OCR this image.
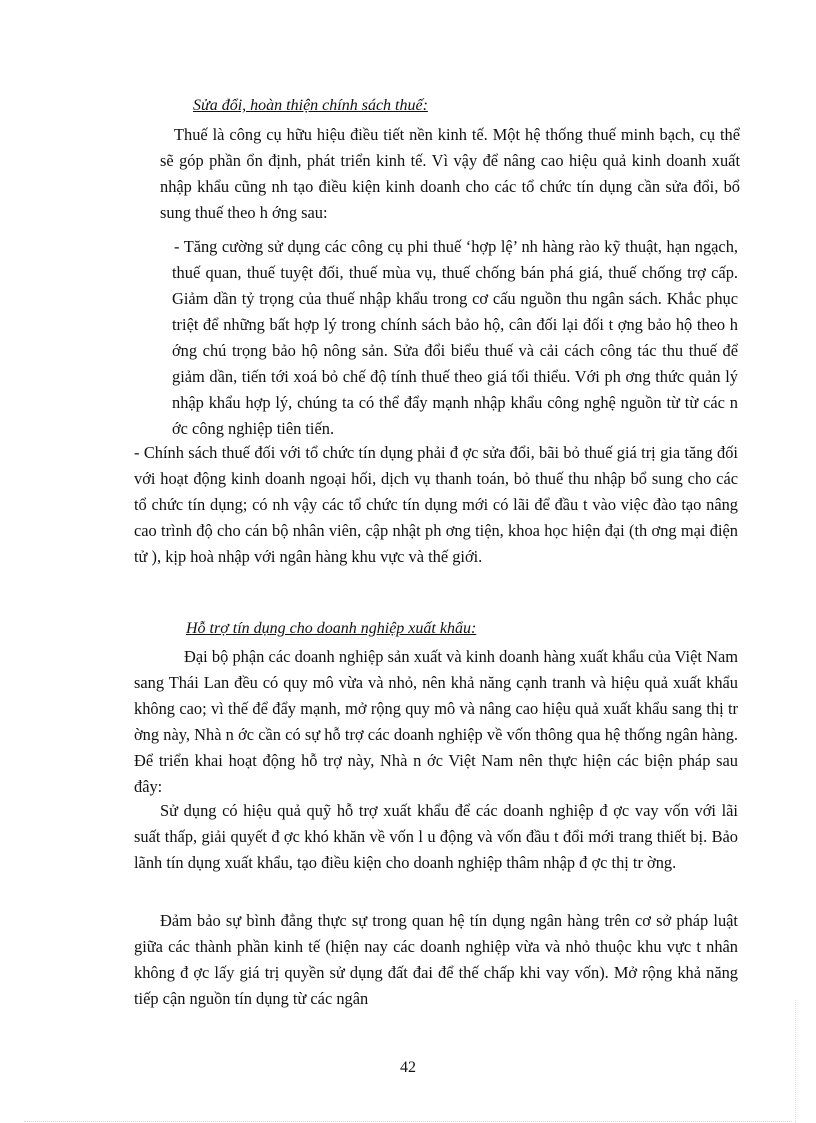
Sửa đổi, hoàn thiện chính sách thuế:

Thuế là công cụ hữu hiệu điều tiết nền kinh tế. Một hệ thống thuế minh bạch, cụ thể sẽ góp phần ổn định, phát triển kinh tế. Vì vậy để nâng cao hiệu quả kinh doanh xuất nhập khẩu cũng nh tạo điều kiện kinh doanh cho các tổ chức tín dụng cần sửa đổi, bổ sung thuế theo h ớng sau:

- Tăng cường sử dụng các công cụ phi thuế ‘hợp lệ’ nh hàng rào kỹ thuật, hạn ngạch, thuế quan, thuế tuyệt đối, thuế mùa vụ, thuế chống bán phá giá, thuế chống trợ cấp. Giảm dần tỷ trọng của thuế nhập khẩu trong cơ cấu nguồn thu ngân sách. Khắc phục triệt để những bất hợp lý trong chính sách bảo hộ, cân đối lại đối t ợng bảo hộ theo h ớng chú trọng bảo hộ nông sản. Sửa đổi biểu thuế và cải cách công tác thu thuế để giảm dần, tiến tới xoá bỏ chế độ tính thuế theo giá tối thiểu. Với ph ơng thức quản lý nhập khẩu hợp lý, chúng ta có thể đẩy mạnh nhập khẩu công nghệ nguồn từ từ các n ớc công nghiệp tiên tiến.

- Chính sách thuế đối với tổ chức tín dụng phải đ ợc sửa đổi, bãi bỏ thuế giá trị gia tăng đối với hoạt động kinh doanh ngoại hối, dịch vụ thanh toán, bỏ thuế thu nhập bổ sung cho các tổ chức tín dụng; có nh vậy các tổ chức tín dụng mới có lãi để đầu t vào việc đào tạo nâng cao trình độ cho cán bộ nhân viên, cập nhật ph ơng tiện, khoa học hiện đại (th ơng mại điện tử ), kịp hoà nhập với ngân hàng khu vực và thế giới.

Hỗ trợ tín dụng cho doanh nghiệp xuất khẩu:

Đại bộ phận các doanh nghiệp sản xuất và kinh doanh hàng xuất khẩu của Việt Nam sang Thái Lan đều có quy mô vừa và nhỏ, nên khả năng cạnh tranh và hiệu quả xuất khẩu không cao; vì thế để đẩy mạnh, mở rộng quy mô và nâng cao hiệu quả xuất khẩu sang thị tr ờng này, Nhà n ớc cần có sự hỗ trợ các doanh nghiệp về vốn thông qua hệ thống ngân hàng. Để triển khai hoạt động hỗ trợ này, Nhà n ớc Việt Nam nên thực hiện các biện pháp sau đây:

Sử dụng có hiệu quả quỹ hỗ trợ xuất khẩu để các doanh nghiệp đ ợc vay vốn với lãi suất thấp, giải quyết đ ợc khó khăn về vốn l u động và vốn đầu t đổi mới trang thiết bị. Bảo lãnh tín dụng xuất khẩu, tạo điều kiện cho doanh nghiệp thâm nhập đ ợc thị tr ờng.

Đảm bảo sự bình đẳng thực sự trong quan hệ tín dụng ngân hàng trên cơ sở pháp luật giữa các thành phần kinh tế (hiện nay các doanh nghiệp vừa và nhỏ thuộc khu vực t nhân không đ ợc lấy giá trị quyền sử dụng đất đai để thế chấp khi vay vốn). Mở rộng khả năng tiếp cận nguồn tín dụng từ các ngân

42
